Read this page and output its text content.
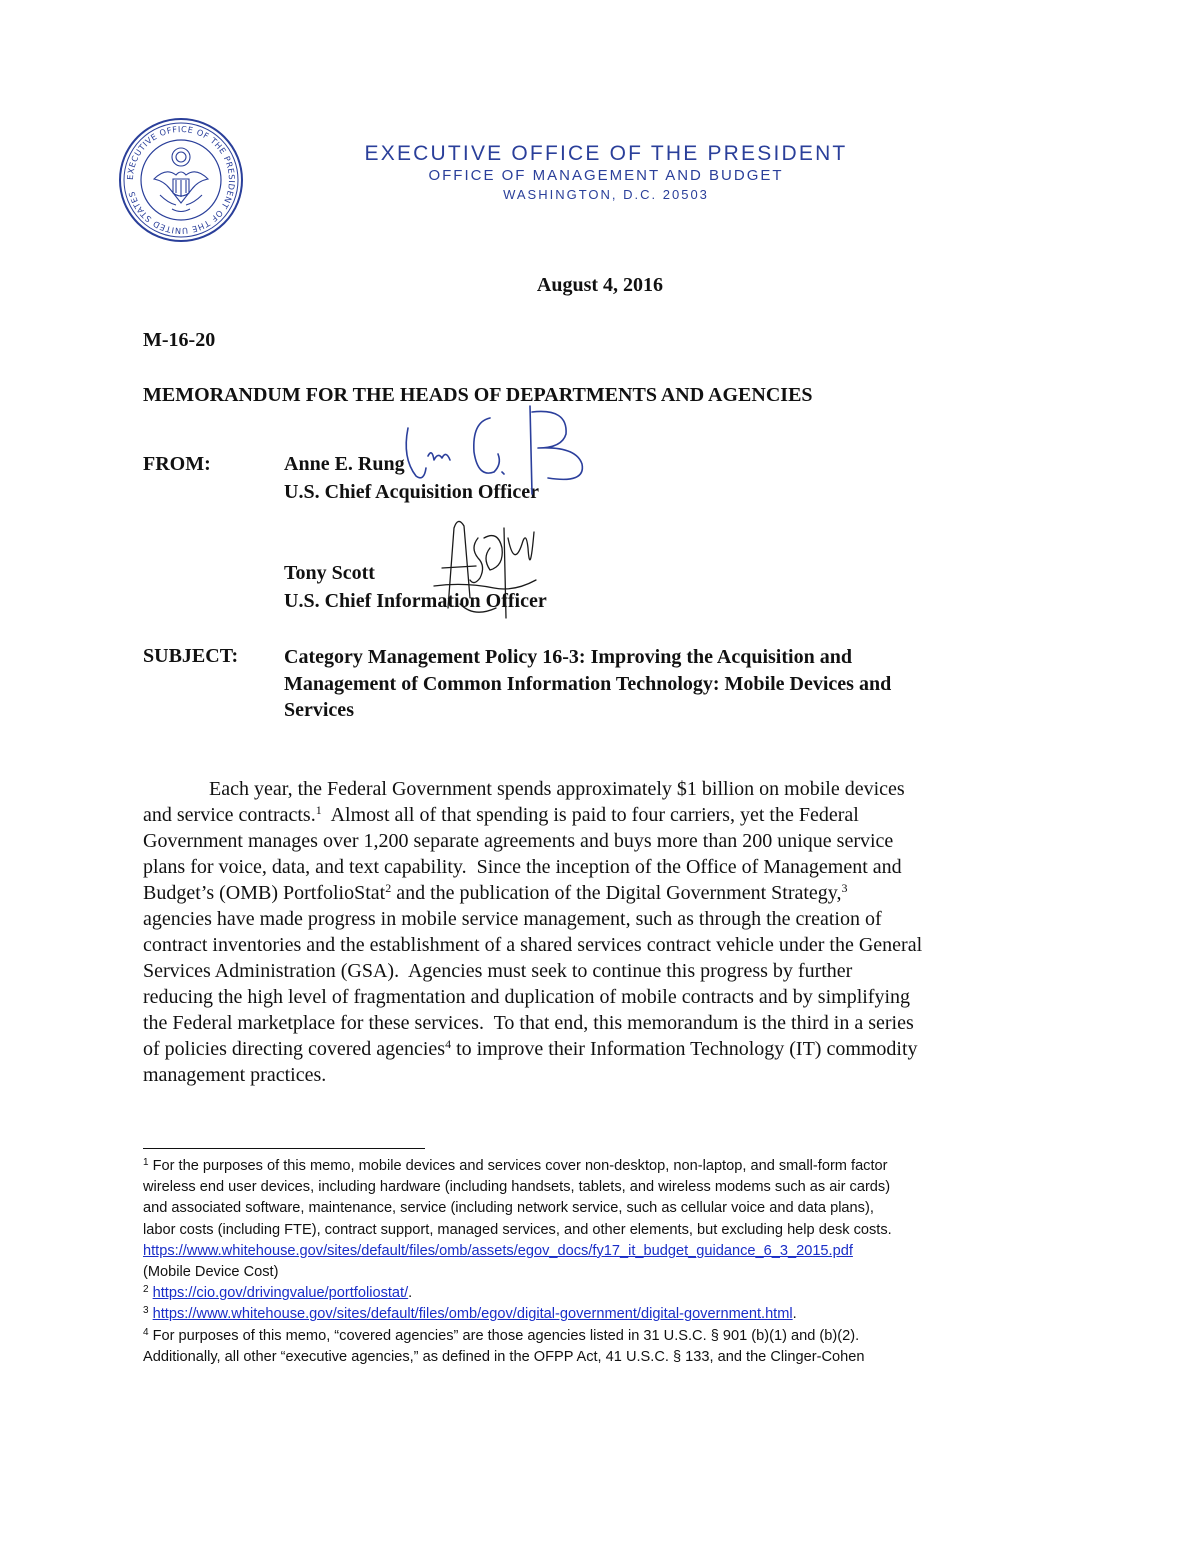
EXECUTIVE OFFICE OF THE PRESIDENT OF THE UNITED STATES
EXECUTIVE OFFICE OF THE PRESIDENT
OFFICE OF MANAGEMENT AND BUDGET
WASHINGTON, D.C. 20503
August 4, 2016
M-16-20
MEMORANDUM FOR THE HEADS OF DEPARTMENTS AND AGENCIES
FROM:	Anne E. Rung
U.S. Chief Acquisition Officer
Tony Scott
U.S. Chief Information Officer
SUBJECT: Category Management Policy 16-3: Improving the Acquisition and
Management of Common Information Technology: Mobile Devices and
Services
Each year, the Federal Government spends approximately $1 billion on mobile devices
and service contracts.$^1$  Almost all of that spending is paid to four carriers, yet the Federal
Government manages over 1,200 separate agreements and buys more than 200 unique service
plans for voice, data, and text capability.  Since the inception of the Office of Management and
Budget’s (OMB) PortfolioStat$^2$ and the publication of the Digital Government Strategy,$^3$
agencies have made progress in mobile service management, such as through the creation of
contract inventories and the establishment of a shared services contract vehicle under the General
Services Administration (GSA).  Agencies must seek to continue this progress by further
reducing the high level of fragmentation and duplication of mobile contracts and by simplifying
the Federal marketplace for these services.  To that end, this memorandum is the third in a series
of policies directing covered agencies$^4$ to improve their Information Technology (IT) commodity
management practices.
$^1$ For the purposes of this memo, mobile devices and services cover non-desktop, non-laptop, and small-form factor
wireless end user devices, including hardware (including handsets, tablets, and wireless modems such as air cards)
and associated software, maintenance, service (including network service, such as cellular voice and data plans),
labor costs (including FTE), contract support, managed services, and other elements, but excluding help desk costs.
https://www.whitehouse.gov/sites/default/files/omb/assets/egov_docs/fy17_it_budget_guidance_6_3_2015.pdf
(Mobile Device Cost)
$^2$ https://cio.gov/drivingvalue/portfoliostat/.
$^3$ https://www.whitehouse.gov/sites/default/files/omb/egov/digital-government/digital-government.html.
$^4$ For purposes of this memo, “covered agencies” are those agencies listed in 31 U.S.C. § 901 (b)(1) and (b)(2).
Additionally, all other “executive agencies,” as defined in the OFPP Act, 41 U.S.C. § 133, and the Clinger-Cohen
